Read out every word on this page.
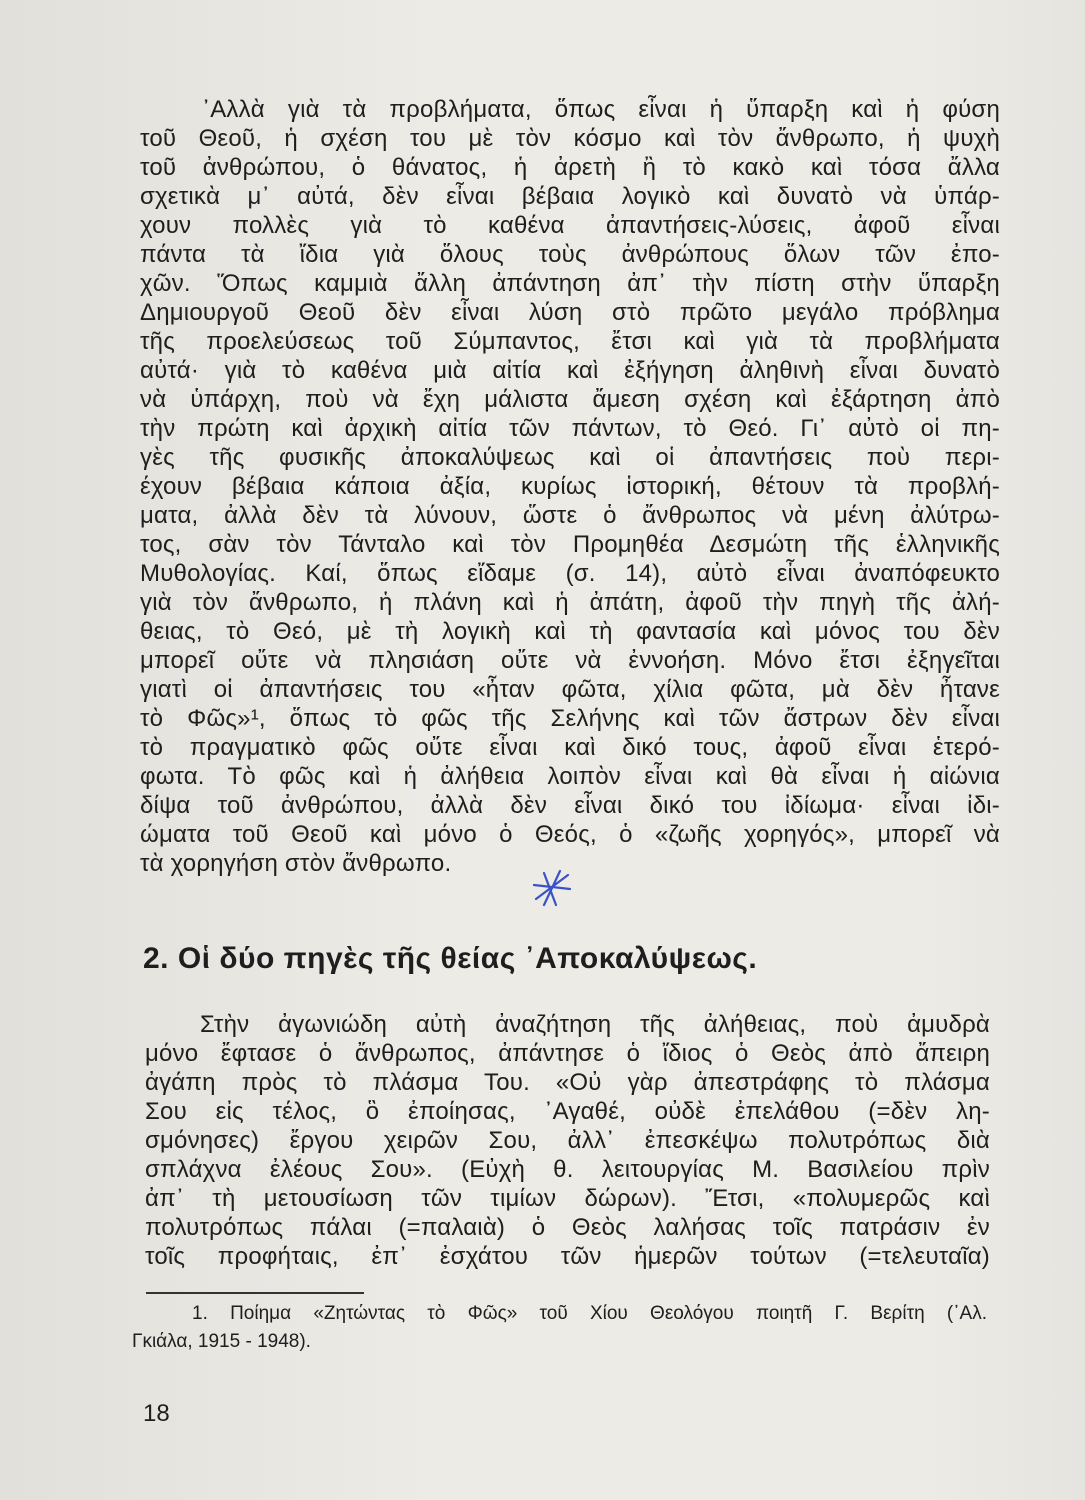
᾿Αλλὰ γιὰ τὰ προβλήματα, ὅπως εἶναι ἡ ὕπαρξη καὶ ἡ φύση
τοῦ Θεοῦ, ἡ σχέση του μὲ τὸν κόσμο καὶ τὸν ἄνθρωπο, ἡ ψυχὴ
τοῦ ἀνθρώπου, ὁ θάνατος, ἡ ἀρετὴ ἢ τὸ κακὸ καὶ τόσα ἄλλα
σχετικὰ μ᾿ αὐτά, δὲν εἶναι βέβαια λογικὸ καὶ δυνατὸ νὰ ὑπάρ-
χουν πολλὲς γιὰ τὸ καθένα ἀπαντήσεις-λύσεις, ἀφοῦ εἶναι
πάντα τὰ ἴδια γιὰ ὅλους τοὺς ἀνθρώπους ὅλων τῶν ἐπο-
χῶν. Ὅπως καμμιὰ ἄλλη ἀπάντηση ἀπ᾿ τὴν πίστη στὴν ὕπαρξη
Δημιουργοῦ Θεοῦ δὲν εἶναι λύση στὸ πρῶτο μεγάλο πρόβλημα
τῆς προελεύσεως τοῦ Σύμπαντος, ἔτσι καὶ γιὰ τὰ προβλήματα
αὐτά· γιὰ τὸ καθένα μιὰ αἰτία καὶ ἐξήγηση ἀληθινὴ εἶναι δυνατὸ
νὰ ὑπάρχη, ποὺ νὰ ἔχη μάλιστα ἄμεση σχέση καὶ ἐξάρτηση ἀπὸ
τὴν πρώτη καὶ ἀρχικὴ αἰτία τῶν πάντων, τὸ Θεό. Γι᾿ αὐτὸ οἱ πη-
γὲς τῆς φυσικῆς ἀποκαλύψεως καὶ οἱ ἀπαντήσεις ποὺ περι-
έχουν βέβαια κάποια ἀξία, κυρίως ἱστορική, θέτουν τὰ προβλή-
ματα, ἀλλὰ δὲν τὰ λύνουν, ὥστε ὁ ἄνθρωπος νὰ μένη ἀλύτρω-
τος, σὰν τὸν Τάνταλο καὶ τὸν Προμηθέα Δεσμώτη τῆς ἑλληνικῆς
Μυθολογίας. Καί, ὅπως εἴδαμε (σ. 14), αὐτὸ εἶναι ἀναπόφευκτο
γιὰ τὸν ἄνθρωπο, ἡ πλάνη καὶ ἡ ἀπάτη, ἀφοῦ τὴν πηγὴ τῆς ἀλή-
θειας, τὸ Θεό, μὲ τὴ λογικὴ καὶ τὴ φαντασία καὶ μόνος του δὲν
μπορεῖ οὔτε νὰ πλησιάση οὔτε νὰ ἐννοήση. Μόνο ἔτσι ἐξηγεῖται
γιατὶ οἱ ἀπαντήσεις του «ἦταν φῶτα, χίλια φῶτα, μὰ δὲν ἦτανε
τὸ Φῶς»¹, ὅπως τὸ φῶς τῆς Σελήνης καὶ τῶν ἄστρων δὲν εἶναι
τὸ πραγματικὸ φῶς οὔτε εἶναι καὶ δικό τους, ἀφοῦ εἶναι ἑτερό-
φωτα. Τὸ φῶς καὶ ἡ ἀλήθεια λοιπὸν εἶναι καὶ θὰ εἶναι ἡ αἰώνια
δίψα τοῦ ἀνθρώπου, ἀλλὰ δὲν εἶναι δικό του ἰδίωμα· εἶναι ἰδι-
ώματα τοῦ Θεοῦ καὶ μόνο ὁ Θεός, ὁ «ζωῆς χορηγός», μπορεῖ νὰ
τὰ χορηγήση στὸν ἄνθρωπο.
2. Οἱ δύο πηγὲς τῆς θείας ᾿Αποκαλύψεως.
Στὴν ἀγωνιώδη αὐτὴ ἀναζήτηση τῆς ἀλήθειας, ποὺ ἀμυδρὰ
μόνο ἔφτασε ὁ ἄνθρωπος, ἀπάντησε ὁ ἴδιος ὁ Θεὸς ἀπὸ ἄπειρη
ἀγάπη πρὸς τὸ πλάσμα Του. «Οὐ γὰρ ἀπεστράφης τὸ πλάσμα
Σου εἰς τέλος, ὃ ἐποίησας, ᾿Αγαθέ, οὐδὲ ἐπελάθου (=δὲν λη-
σμόνησες) ἔργου χειρῶν Σου, ἀλλ᾿ ἐπεσκέψω πολυτρόπως διὰ
σπλάχνα ἐλέους Σου». (Εὐχὴ θ. λειτουργίας Μ. Βασιλείου πρὶν
ἀπ᾿ τὴ μετουσίωση τῶν τιμίων δώρων). Ἔτσι, «πολυμερῶς καὶ
πολυτρόπως πάλαι (=παλαιὰ) ὁ Θεὸς λαλήσας τοῖς πατράσιν ἐν
τοῖς προφήταις, ἐπ᾿ ἐσχάτου τῶν ἡμερῶν τούτων (=τελευταῖα)
1. Ποίημα «Ζητώντας τὸ Φῶς» τοῦ Χίου Θεολόγου ποιητῆ Γ. Βερίτη (᾿Αλ.
Γκιάλα, 1915 - 1948).
18
